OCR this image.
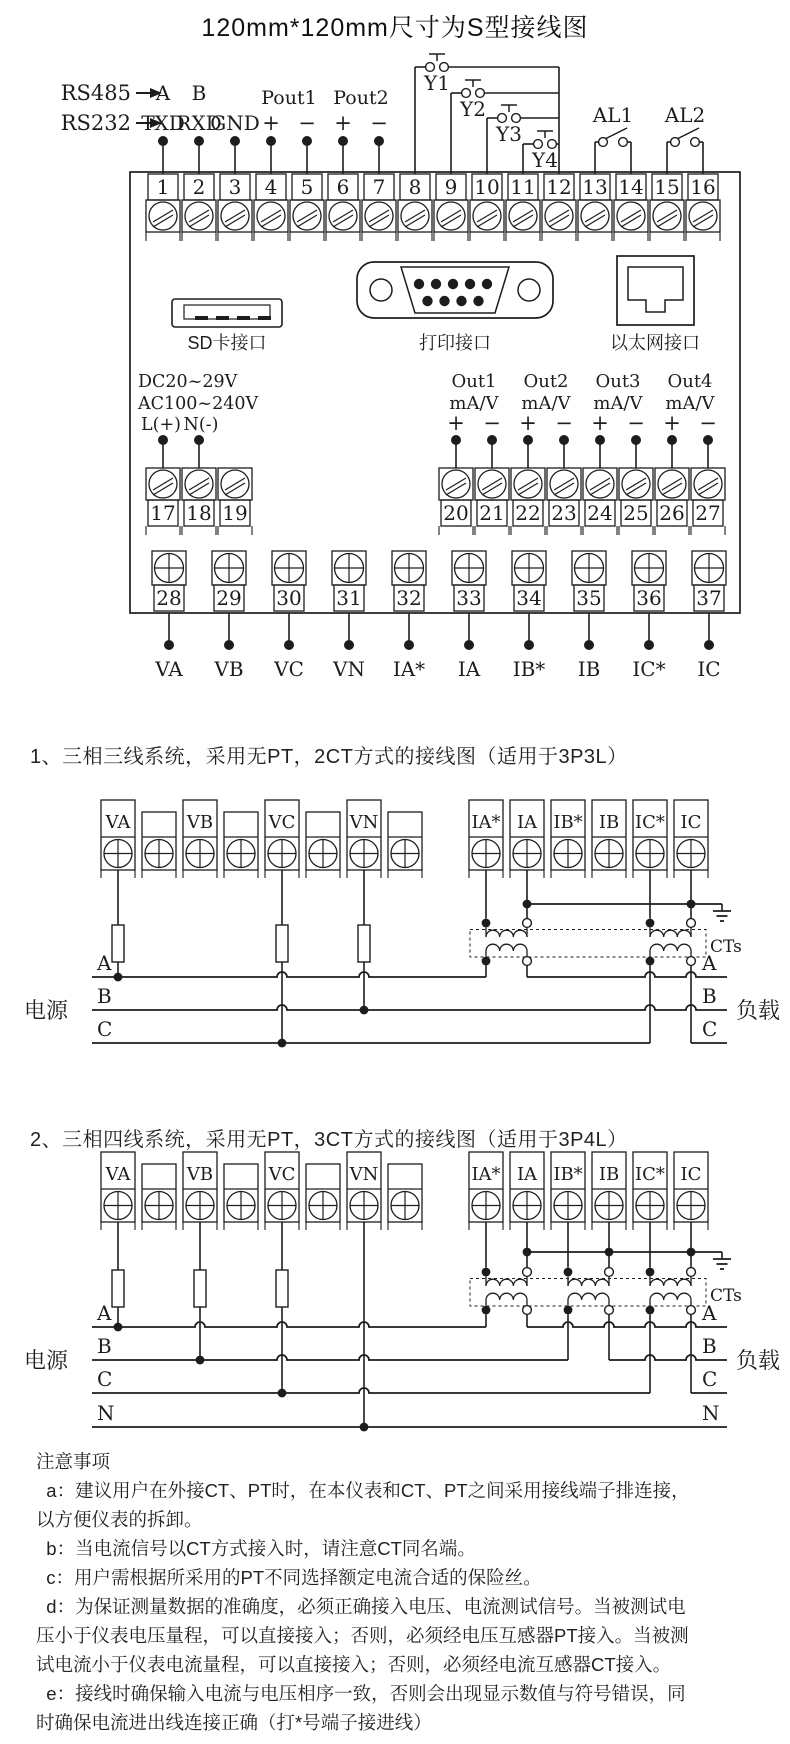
120mm*120mm尺寸为S型接线图
1 2 3 4 5 6 7 8 9 10 11 12 13 14 15 16
RS485
RS232
A B
TXD
RXD
GND + − + −
Pout1 Pout2
Y1
Y2
Y3
Y4
AL1 AL2
SD卡接口	打印接口	以太网接口
DC20~29V
AC100~240V
L(+) N(-)
17 18 19
Out1
mA/V
+ −
Out2
mA/V
+ −
Out3
mA/V
+ −
Out4
mA/V
+ −
20 21 22 23 24 25 26 27
28
VA
29
VB
30
VC
31
VN
32
IA*
33
IA
34
IB*
35
IB
36
IC*
37
IC
VA	VB	VC	VN	IA* IA IB* IB IC* IC
CTs
A	A
B	B
C	C
电源	负载
VA	VB	VC	VN	IA* IA IB* IB IC* IC
CTs
A	A
B	B
C	C
N	N
电源	负载
1、三相三线系统，采用无PT，2CT方式的接线图（适用于3P3L）
2、三相四线系统，采用无PT，3CT方式的接线图（适用于3P4L）
注意事项
a：建议用户在外接CT、PT时，在本仪表和CT、PT之间采用接线端子排连接，
以方便仪表的拆卸。
b：当电流信号以CT方式接入时，请注意CT同名端。
c：用户需根据所采用的PT不同选择额定电流合适的保险丝。
d：为保证测量数据的准确度，必须正确接入电压、电流测试信号。当被测试电
压小于仪表电压量程，可以直接接入；否则，必须经电压互感器PT接入。当被测
试电流小于仪表电流量程，可以直接接入；否则，必须经电流互感器CT接入。
e：接线时确保输入电流与电压相序一致，否则会出现显示数值与符号错误，同
时确保电流进出线连接正确（打*号端子接进线）
